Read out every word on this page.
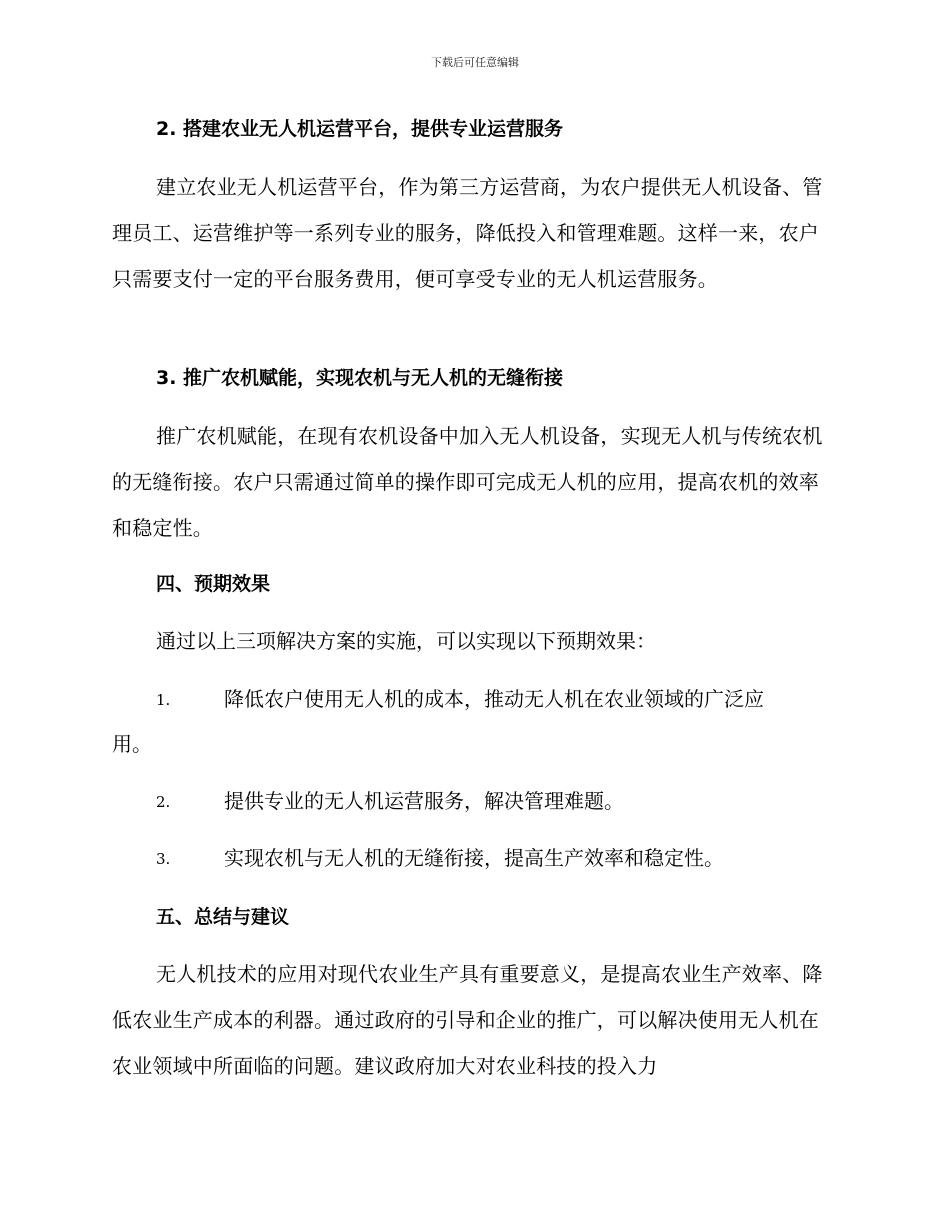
下载后可任意编辑
2. 搭建农业无人机运营平台，提供专业运营服务
建立农业无人机运营平台，作为第三方运营商，为农户提供无人机设备、管理员工、运营维护等一系列专业的服务，降低投入和管理难题。这样一来，农户只需要支付一定的平台服务费用，便可享受专业的无人机运营服务。
3. 推广农机赋能，实现农机与无人机的无缝衔接
推广农机赋能，在现有农机设备中加入无人机设备，实现无人机与传统农机的无缝衔接。农户只需通过简单的操作即可完成无人机的应用，提高农机的效率和稳定性。
四、预期效果
通过以上三项解决方案的实施，可以实现以下预期效果：
1.	降低农户使用无人机的成本，推动无人机在农业领域的广泛应
用。
2.	提供专业的无人机运营服务，解决管理难题。
3.	实现农机与无人机的无缝衔接，提高生产效率和稳定性。
五、总结与建议
无人机技术的应用对现代农业生产具有重要意义，是提高农业生产效率、降低农业生产成本的利器。通过政府的引导和企业的推广，可以解决使用无人机在农业领域中所面临的问题。建议政府加大对农业科技的投入力
